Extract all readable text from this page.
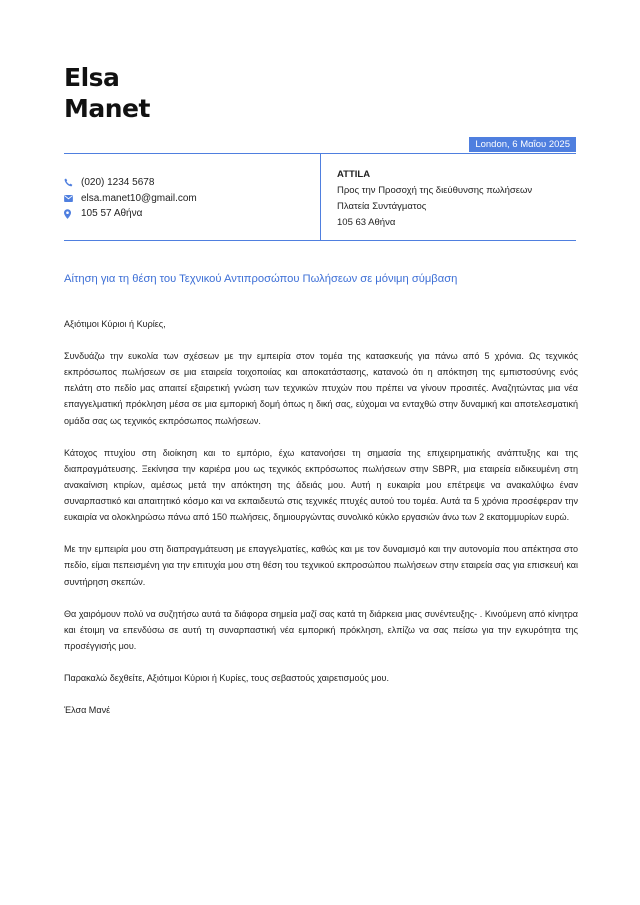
Elsa
Manet
London, 6 Μαΐου 2025
(020) 1234 5678
elsa.manet10@gmail.com
105 57 Αθήνα
ATTILA
Προς την Προσοχή της διεύθυνσης πωλήσεων
Πλατεία Συντάγματος
105 63 Αθήνα
Αίτηση για τη θέση του Τεχνικού Αντιπροσώπου Πωλήσεων σε μόνιμη σύμβαση

Αξιότιμοι Κύριοι ή Κυρίες,

Συνδυάζω την ευκολία των σχέσεων με την εμπειρία στον τομέα της κατασκευής για πάνω από 5 χρόνια. Ως τεχνικός εκπρόσωπος πωλήσεων σε μια εταιρεία τοιχοποιίας και αποκατάστασης, κατανοώ ότι η απόκτηση της εμπιστοσύνης ενός πελάτη στο πεδίο μας απαιτεί εξαιρετική γνώση των τεχνικών πτυχών που πρέπει να γίνουν προσιτές. Αναζητώντας μια νέα επαγγελματική πρόκληση μέσα σε μια εμπορική δομή όπως η δική σας, εύχομαι να ενταχθώ στην δυναμική και αποτελεσματική ομάδα σας ως τεχνικός εκπρόσωπος πωλήσεων.

Κάτοχος πτυχίου στη διοίκηση και το εμπόριο, έχω κατανοήσει τη σημασία της επιχειρηματικής ανάπτυξης και της διαπραγμάτευσης. Ξεκίνησα την καριέρα μου ως τεχνικός εκπρόσωπος πωλήσεων στην SBPR, μια εταιρεία ειδικευμένη στη ανακαίνιση κτιρίων, αμέσως μετά την απόκτηση της άδειάς μου. Αυτή η ευκαιρία μου επέτρεψε να ανακαλύψω έναν συναρπαστικό και απαιτητικό κόσμο και να εκπαιδευτώ στις τεχνικές πτυχές αυτού του τομέα. Αυτά τα 5 χρόνια προσέφεραν την ευκαιρία να ολοκληρώσω πάνω από 150 πωλήσεις, δημιουργώντας συνολικό κύκλο εργασιών άνω των 2 εκατομμυρίων ευρώ.

Με την εμπειρία μου στη διαπραγμάτευση με επαγγελματίες, καθώς και με τον δυναμισμό και την αυτονομία που απέκτησα στο πεδίο, είμαι πεπεισμένη για την επιτυχία μου στη θέση του τεχνικού εκπροσώπου πωλήσεων στην εταιρεία σας για επισκευή και συντήρηση σκεπών.

Θα χαιρόμουν πολύ να συζητήσω αυτά τα διάφορα σημεία μαζί σας κατά τη διάρκεια μιας συνέντευξης- . Κινούμενη από κίνητρα και έτοιμη να επενδύσω σε αυτή τη συναρπαστική νέα εμπορική πρόκληση, ελπίζω να σας πείσω για την εγκυρότητα της προσέγγισής μου.

Παρακαλώ δεχθείτε, Αξιότιμοι Κύριοι ή Κυρίες, τους σεβαστούς χαιρετισμούς μου.

Έλσα Μανέ
